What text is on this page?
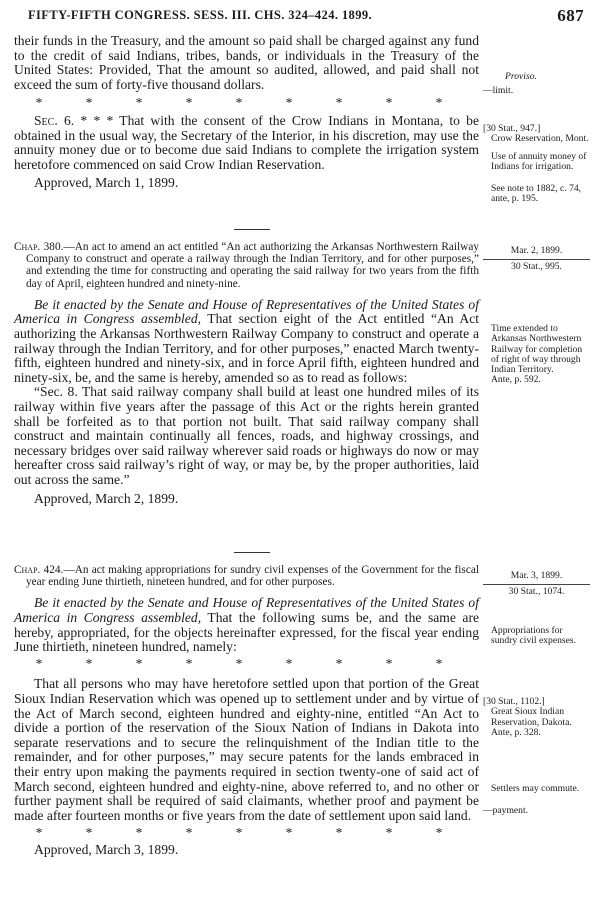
FIFTY-FIFTH CONGRESS. SESS. III. CHS. 324–424. 1899.	687

their funds in the Treasury, and the amount so paid shall be charged against any fund to the credit of said Indians, tribes, bands, or individuals in the Treasury of the United States: Provided, That the amount so audited, allowed, and paid shall not exceed the sum of forty-five thousand dollars.

*	*	*	*	*	*	*	*	*

Sec. 6. * * * That with the consent of the Crow Indians in Montana, to be obtained in the usual way, the Secretary of the Interior, in his discretion, may use the annuity money due or to become due said Indians to complete the irrigation system heretofore commenced on said Crow Indian Reservation.

Approved, March 1, 1899.

Chap. 380.—An act to amend an act entitled “An act authorizing the Arkansas Northwestern Railway Company to construct and operate a railway through the Indian Territory, and for other purposes,” and extending the time for constructing and operating the said railway for two years from the fifth day of April, eighteen hundred and ninety-nine.

Be it enacted by the Senate and House of Representatives of the United States of America in Congress assembled, That section eight of the Act entitled “An Act authorizing the Arkansas Northwestern Railway Company to construct and operate a railway through the Indian Territory, and for other purposes,” enacted March twenty-fifth, eighteen hundred and ninety-six, and in force April fifth, eighteen hundred and ninety-six, be, and the same is hereby, amended so as to read as follows:

“Sec. 8. That said railway company shall build at least one hundred miles of its railway within five years after the passage of this Act or the rights herein granted shall be forfeited as to that portion not built. That said railway company shall construct and maintain continually all fences, roads, and highway crossings, and necessary bridges over said railway wherever said roads or highways do now or may hereafter cross said railway’s right of way, or may be, by the proper authorities, laid out across the same.”

Approved, March 2, 1899.

Chap. 424.—An act making appropriations for sundry civil expenses of the Government for the fiscal year ending June thirtieth, nineteen hundred, and for other purposes.

Be it enacted by the Senate and House of Representatives of the United States of America in Congress assembled, That the following sums be, and the same are hereby, appropriated, for the objects hereinafter expressed, for the fiscal year ending June thirtieth, nineteen hundred, namely:

*	*	*	*	*	*	*	*	*

That all persons who may have heretofore settled upon that portion of the Great Sioux Indian Reservation which was opened up to settlement under and by virtue of the Act of March second, eighteen hundred and eighty-nine, entitled “An Act to divide a portion of the reservation of the Sioux Nation of Indians in Dakota into separate reservations and to secure the relinquishment of the Indian title to the remainder, and for other purposes,” may secure patents for the lands embraced in their entry upon making the payments required in section twenty-one of said act of March second, eighteen hundred and eighty-nine, above referred to, and no other or further payment shall be required of said claimants, whether proof and payment be made after fourteen months or five years from the date of settlement upon said land.

*	*	*	*	*	*	*	*	*

Approved, March 3, 1899.

Proviso.
—limit.
[30 Stat., 947.]
Crow Reservation, Mont.
Use of annuity money of Indians for irrigation.
See note to 1882, c. 74, ante, p. 195.
Mar. 2, 1899.
30 Stat., 995.
Time extended to Arkansas Northwestern Railway for completion of right of way through Indian Territory.
Ante, p. 592.
Mar. 3, 1899.
30 Stat., 1074.
Appropriations for sundry civil expenses.
[30 Stat., 1102.]
Great Sioux Indian Reservation, Dakota.
Ante, p. 328.
Settlers may commute.
—payment.
